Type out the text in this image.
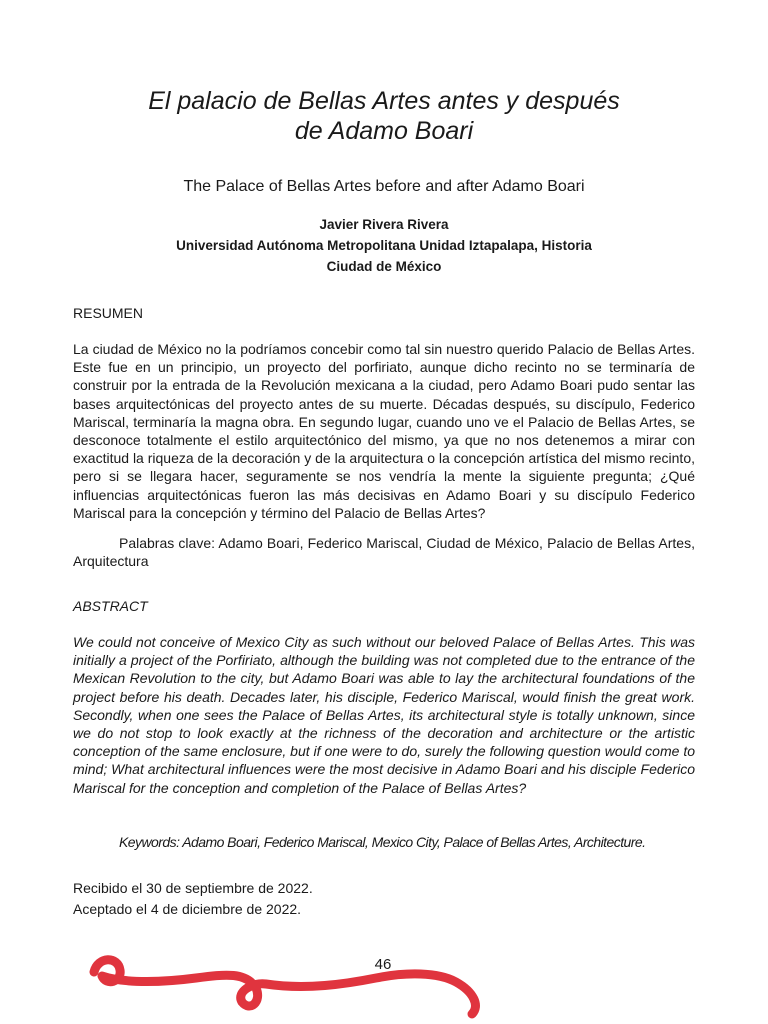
El palacio de Bellas Artes antes y después
de Adamo Boari
The Palace of Bellas Artes before and after Adamo Boari
Javier Rivera Rivera
Universidad Autónoma Metropolitana Unidad Iztapalapa, Historia
Ciudad de México
RESUMEN

La ciudad de México no la podríamos concebir como tal sin nuestro querido Palacio de Bellas Artes. Este fue en un principio, un proyecto del porfiriato, aunque dicho recinto no se terminaría de construir por la entrada de la Revolución mexicana a la ciudad, pero Adamo Boari pudo sentar las bases arquitectónicas del proyecto antes de su muerte. Décadas después, su discípulo, Federico Mariscal, terminaría la magna obra. En segundo lugar, cuando uno ve el Palacio de Bellas Artes, se desconoce totalmente el estilo arquitectónico del mismo, ya que no nos detenemos a mirar con exactitud la riqueza de la decoración y de la arquitectura o la concepción artística del mismo recinto, pero si se llegara hacer, seguramente se nos vendría la mente la siguiente pregunta; ¿Qué influencias arquitectónicas fueron las más decisivas en Adamo Boari y su discípulo Federico Mariscal para la concepción y término del Palacio de Bellas Artes?

Palabras clave: Adamo Boari, Federico Mariscal, Ciudad de México, Palacio de Bellas Artes, Arquitectura

ABSTRACT

We could not conceive of Mexico City as such without our beloved Palace of Bellas Artes. This was initially a project of the Porfiriato, although the building was not completed due to the entrance of the Mexican Revolution to the city, but Adamo Boari was able to lay the architectural foundations of the project before his death. Decades later, his disciple, Federico Mariscal, would finish the great work. Secondly, when one sees the Palace of Bellas Artes, its architectural style is totally unknown, since we do not stop to look exactly at the richness of the decoration and architecture or the artistic conception of the same enclosure, but if one were to do, surely the following question would come to mind; What architectural influences were the most decisive in Adamo Boari and his disciple Federico Mariscal for the conception and completion of the Palace of Bellas Artes?

Keywords: Adamo Boari, Federico Mariscal, Mexico City, Palace of Bellas Artes, Architecture.
Recibido el 30 de septiembre de 2022.
Aceptado el 4 de diciembre de 2022.
46
